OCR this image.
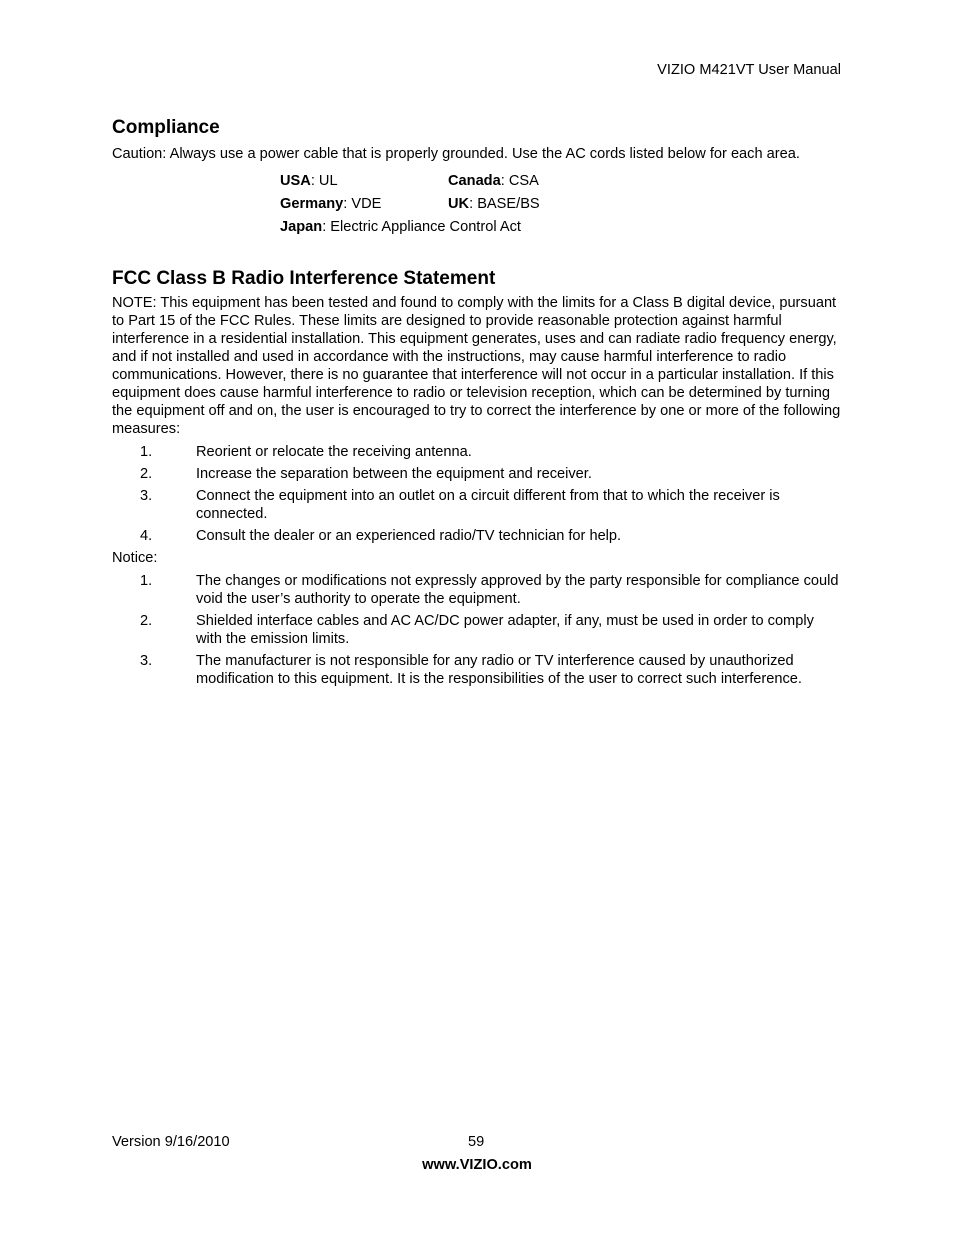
VIZIO M421VT User Manual
Compliance

Caution: Always use a power cable that is properly grounded. Use the AC cords listed below for each area.

USA: UL	Canada: CSA
Germany: VDE	UK: BASE/BS
Japan: Electric Appliance Control Act
FCC Class B Radio Interference Statement

NOTE: This equipment has been tested and found to comply with the limits for a Class B digital device, pursuant to Part 15 of the FCC Rules. These limits are designed to provide reasonable protection against harmful interference in a residential installation. This equipment generates, uses and can radiate radio frequency energy, and if not installed and used in accordance with the instructions, may cause harmful interference to radio communications. However, there is no guarantee that interference will not occur in a particular installation. If this equipment does cause harmful interference to radio or television reception, which can be determined by turning the equipment off and on, the user is encouraged to try to correct the interference by one or more of the following measures:

1.	Reorient or relocate the receiving antenna.
2.	Increase the separation between the equipment and receiver.
3.	Connect the equipment into an outlet on a circuit different from that to which the receiver is connected.
4.	Consult the dealer or an experienced radio/TV technician for help.

Notice:

1.	The changes or modifications not expressly approved by the party responsible for compliance could void the user’s authority to operate the equipment.
2.	Shielded interface cables and AC AC/DC power adapter, if any, must be used in order to comply with the emission limits.
3.	The manufacturer is not responsible for any radio or TV interference caused by unauthorized modification to this equipment. It is the responsibilities of the user to correct such interference.
Version 9/16/2010	59
www.VIZIO.com
